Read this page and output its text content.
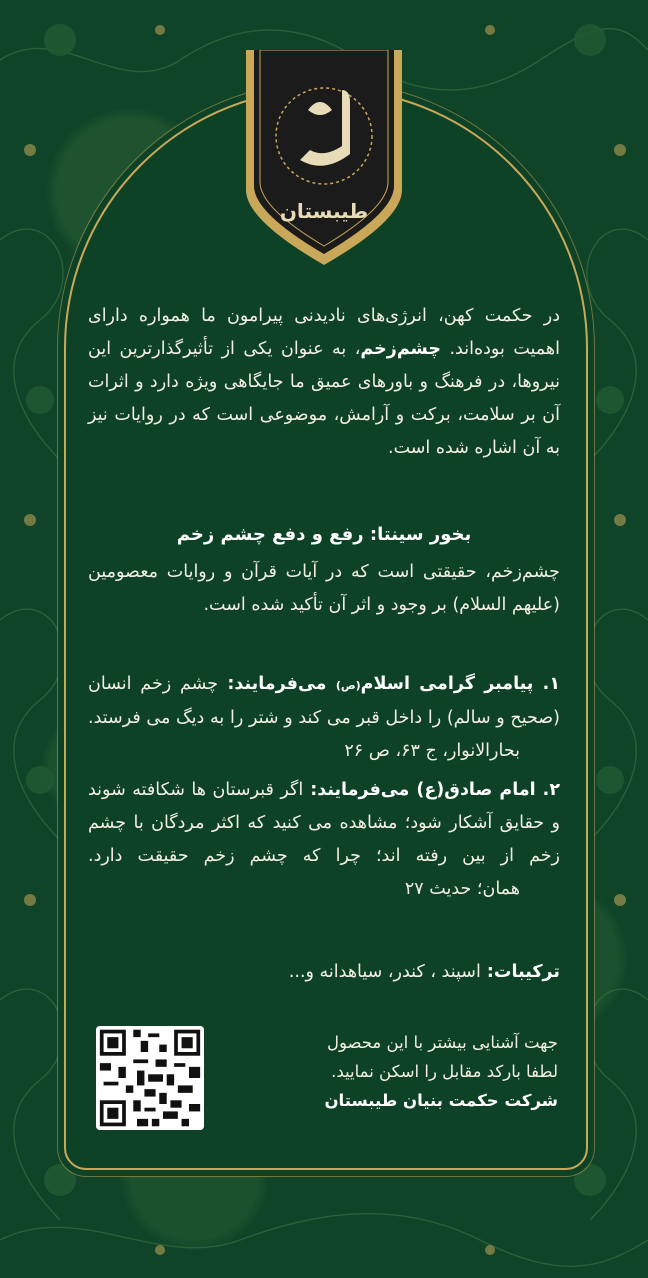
طیبستان
در حکمت کهن، انرژی‌های نادیدنی پیرامون ما همواره دارای اهمیت بوده‌اند. چشم‌زخم، به عنوان یکی از تأثیرگذارترین این نیروها، در فرهنگ و باورهای عمیق ما جایگاهی ویژه دارد و اثرات آن بر سلامت، برکت و آرامش، موضوعی است که در روایات نیز به آن اشاره شده است.
بخور سینتا: رفع و دفع چشم زخم
چشم‌زخم، حقیقتی است که در آیات قرآن و روایات معصومین (علیهم السلام) بر وجود و اثر آن تأکید شده است.
۱. پیامبر گرامی اسلام(ص) می‌فرمایند: چشم زخم انسان (صحیح و سالم) را داخل قبر می کند و شتر را به دیگ می فرستد. بحارالانوار، ج ۶۳، ص ۲۶
۲. امام صادق(ع) می‌فرمایند: اگر قبرستان ها شکافته شوند و حقایق آشکار شود؛ مشاهده می کنید که اکثر مردگان با چشم زخم از بین رفته اند؛ چرا که چشم زخم حقیقت دارد. همان؛ حدیث ۲۷
ترکیبات: اسپند ، کندر، سیاهدانه و...
جهت آشنایی بیشتر با این محصول
لطفا بارکد مقابل را اسکن نمایید.
شرکت حکمت بنیان طیبستان
